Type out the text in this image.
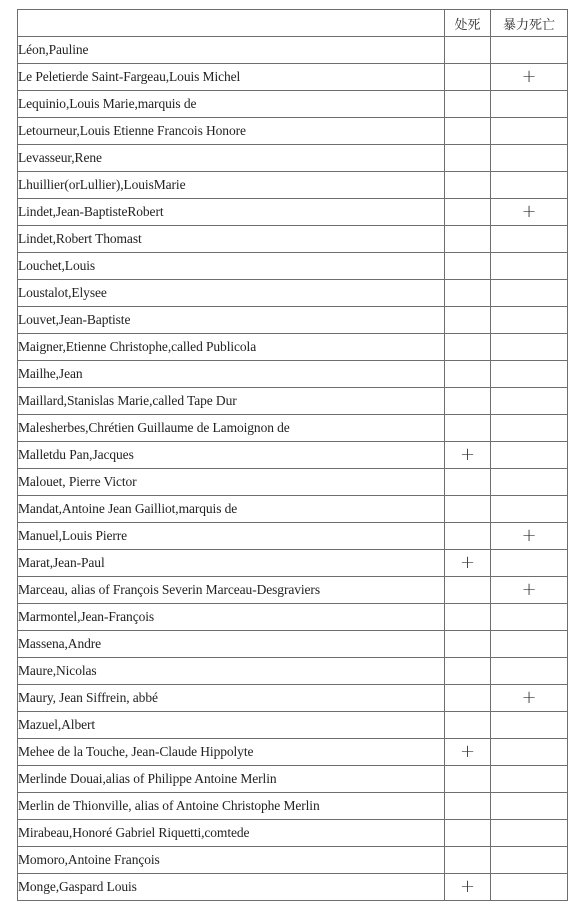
	处死	暴力死亡
Léon,Pauline		
Le Peletierde Saint-Fargeau,Louis Michel		+
Lequinio,Louis Marie,marquis de		
Letourneur,Louis Etienne Francois Honore		
Levasseur,Rene		
Lhuillier(orLullier),LouisMarie		
Lindet,Jean-BaptisteRobert		+
Lindet,Robert Thomast		
Louchet,Louis		
Loustalot,Elysee		
Louvet,Jean-Baptiste		
Maigner,Etienne Christophe,called Publicola		
Mailhe,Jean		
Maillard,Stanislas Marie,called Tape Dur		
Malesherbes,Chrétien Guillaume de Lamoignon de		
Malletdu Pan,Jacques	+	
Malouet, Pierre Victor		
Mandat,Antoine Jean Gailliot,marquis de		
Manuel,Louis Pierre		+
Marat,Jean-Paul	+	
Marceau, alias of François Severin Marceau-Desgraviers		+
Marmontel,Jean-François		
Massena,Andre		
Maure,Nicolas		
Maury, Jean Siffrein, abbé		+
Mazuel,Albert		
Mehee de la Touche, Jean-Claude Hippolyte	+	
Merlinde Douai,alias of Philippe Antoine Merlin		
Merlin de Thionville, alias of Antoine Christophe Merlin		
Mirabeau,Honoré Gabriel Riquetti,comtede		
Momoro,Antoine François		
Monge,Gaspard Louis	+	
